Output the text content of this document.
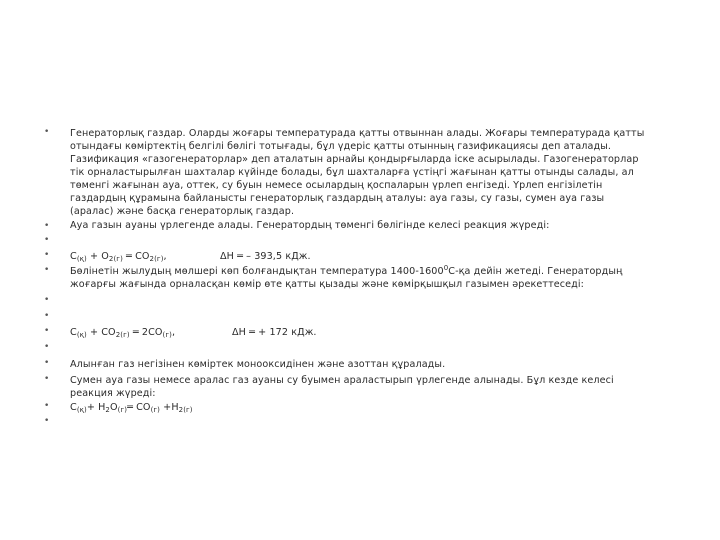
•
•
•
•
•
•
•
•
•
•
•
•
•
Генераторлық газдар. Оларды жоғары температурада қатты отвыннан алады. Жоғары температурада қатты
отындағы көміртектің белгілі бөлігі тотығады, бұл үдеріс қатты отынның газификациясы деп аталады.
Газификация «газогенераторлар» деп аталатын арнайы қондырғыларда іске асырылады. Газогенераторлар
тік орналастырылған шахталар күйінде болады, бұл шахталарға үстіңгі жағынан қатты отынды салады, ал
төменгі жағынан ауа, оттек, су буын немесе осылардың қоспаларын үрлеп енгізеді. Үрлеп енгізілетін
газдардың құрамына байланысты генераторлық газдардың аталуы: ауа газы, су газы, сумен ауа газы
(аралас) және басқа генераторлық газдар.
Ауа газын ауаны үрлегенде алады. Генератордың төменгі бөлігінде келесі реакция жүреді:
$C_{(қ)} + O_{2(г)}$ ═ $CO_{2(г)}$,	ΔH ═ – 393,5 кДж.
Бөлінетін жылудың мөлшері көп болғандықтан температура 1400-1600$^0$С-қа дейін жетеді. Генератордың
жоғарғы жағында орналасқан көмір өте қатты қызады және көмірқышқыл газымен әрекеттеседі:
$C_{(қ)} + CO_{2(г)}$ ═ $2CO_{(г)}$,	ΔH ═ + 172 кДж.
Алынған газ негізінен көміртек монооксидінен және азоттан құралады.
Сумен ауа газы немесе аралас газ ауаны су буымен араластырып үрлегенде алынады. Бұл кезде келесі
реакция жүреді:
$C_{(қ)}+$ $H_2O_{(г)}═$ $CO_{(г)} +H_{2(г)}$
